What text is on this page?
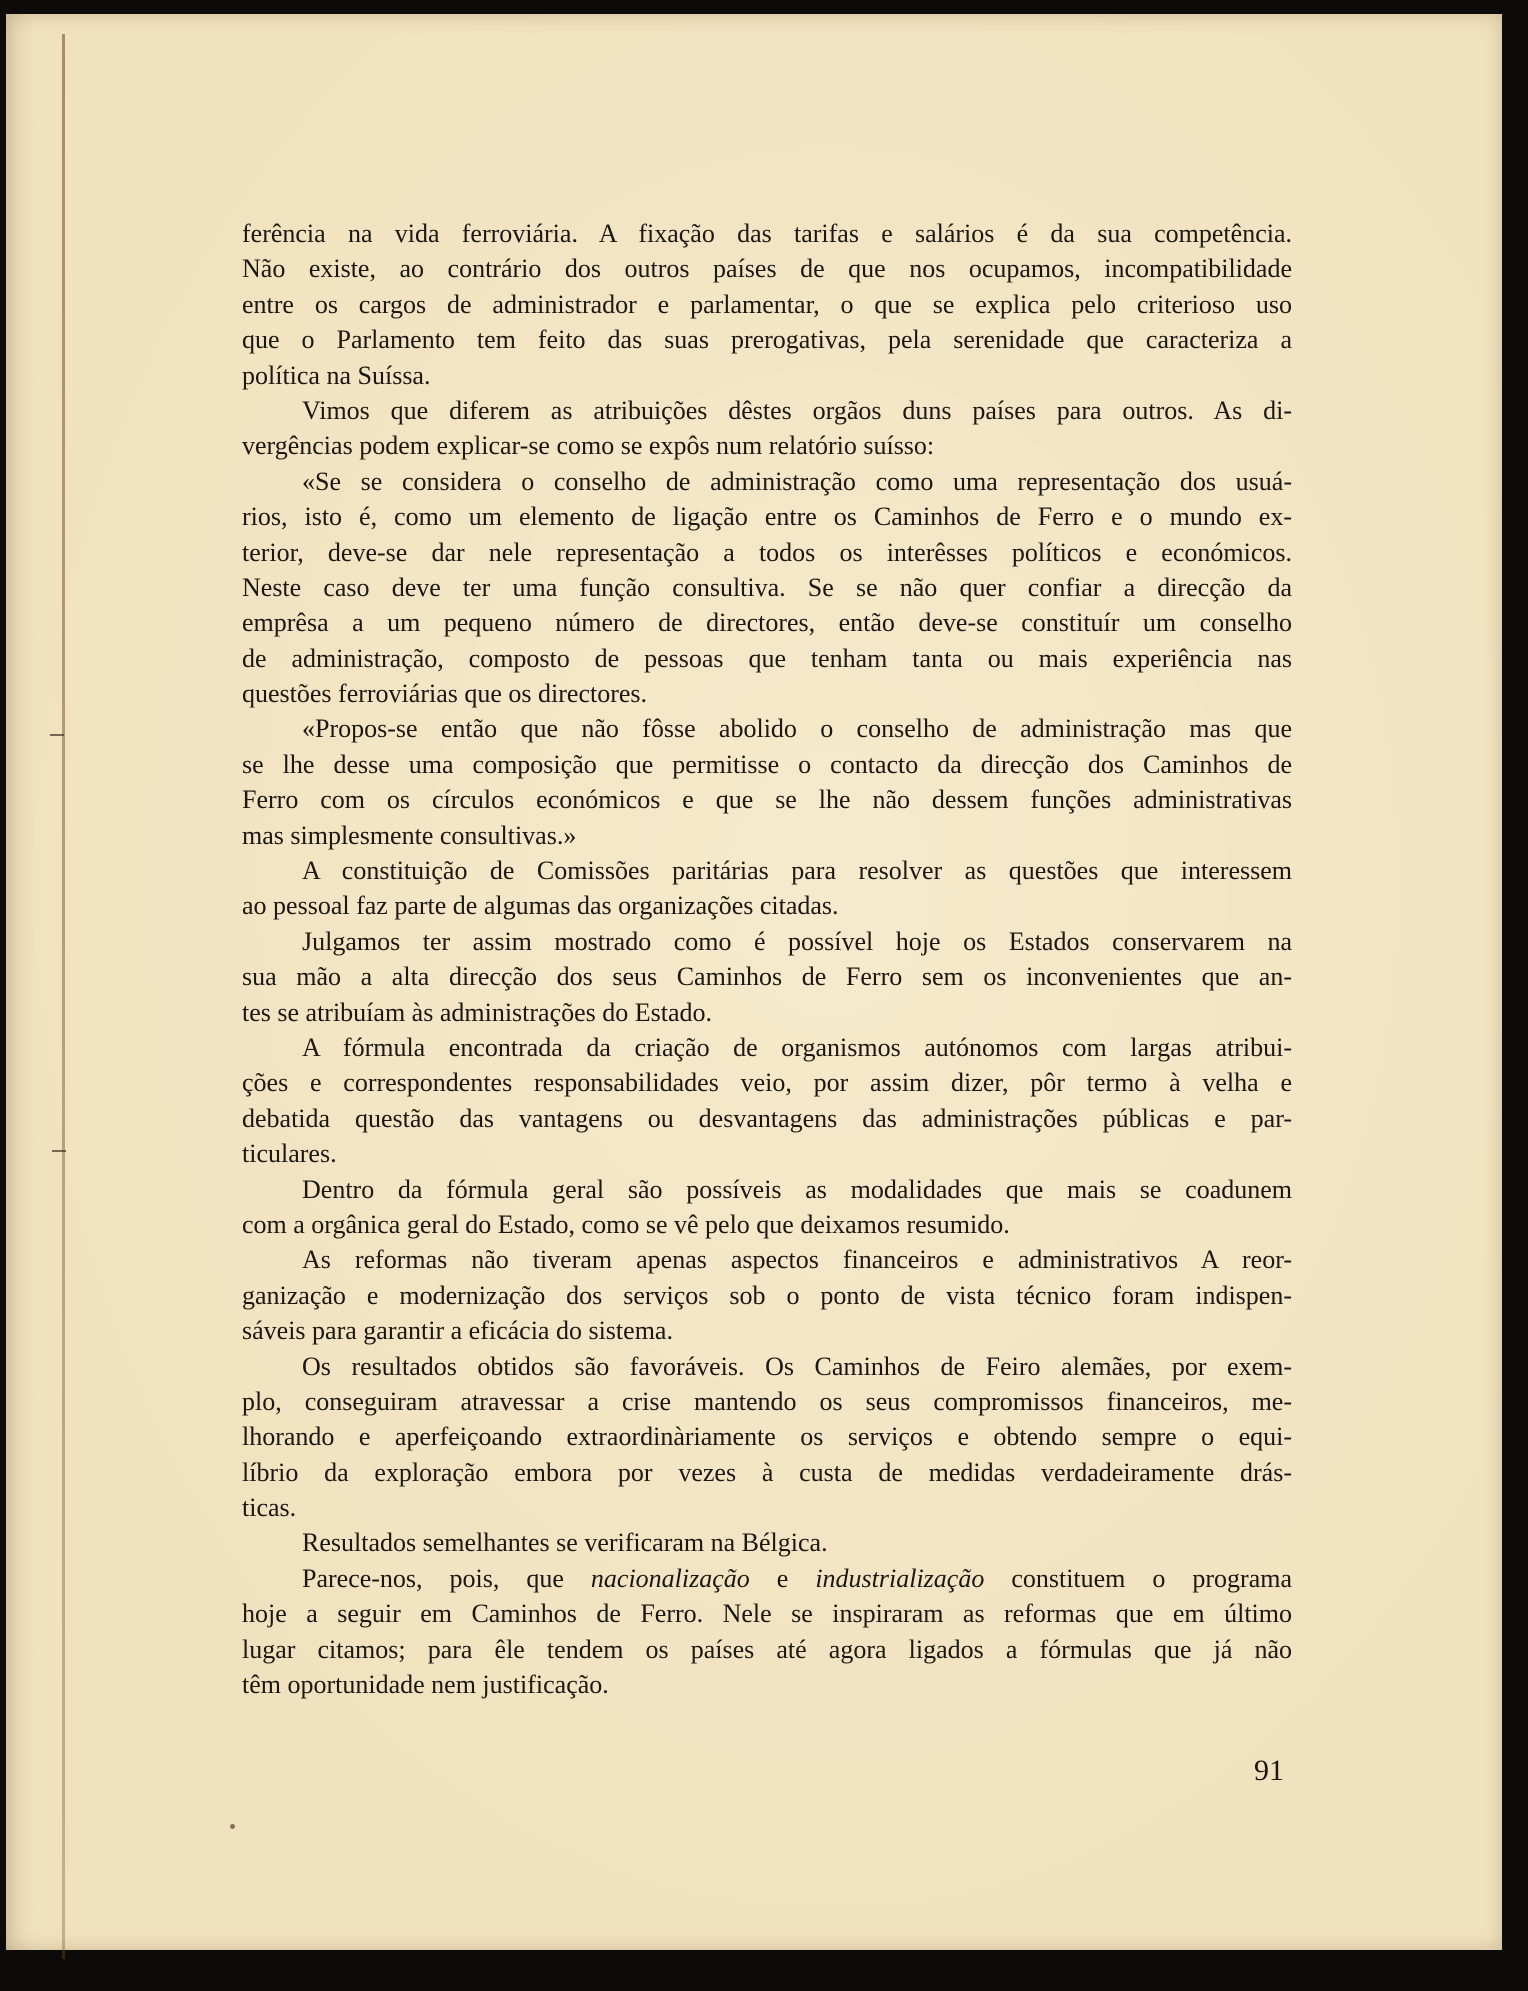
ferência na vida ferroviária. A fixação das tarifas e salários é da sua competência.
Não existe, ao contrário dos outros países de que nos ocupamos, incompatibilidade
entre os cargos de administrador e parlamentar, o que se explica pelo criterioso uso
que o Parlamento tem feito das suas prerogativas, pela serenidade que caracteriza a
política na Suíssa.
Vimos que diferem as atribuições dêstes orgãos duns países para outros. As di-
vergências podem explicar-se como se expôs num relatório suísso:
«Se se considera o conselho de administração como uma representação dos usuá-
rios, isto é, como um elemento de ligação entre os Caminhos de Ferro e o mundo ex-
terior, deve-se dar nele representação a todos os interêsses políticos e económicos.
Neste caso deve ter uma função consultiva. Se se não quer confiar a direcção da
emprêsa a um pequeno número de directores, então deve-se constituír um conselho
de administração, composto de pessoas que tenham tanta ou mais experiência nas
questões ferroviárias que os directores.
«Propos-se então que não fôsse abolido o conselho de administração mas que
se lhe desse uma composição que permitisse o contacto da direcção dos Caminhos de
Ferro com os círculos económicos e que se lhe não dessem funções administrativas
mas simplesmente consultivas.»
A constituição de Comissões paritárias para resolver as questões que interessem
ao pessoal faz parte de algumas das organizações citadas.
Julgamos ter assim mostrado como é possível hoje os Estados conservarem na
sua mão a alta direcção dos seus Caminhos de Ferro sem os inconvenientes que an-
tes se atribuíam às administrações do Estado.
A fórmula encontrada da criação de organismos autónomos com largas atribui-
ções e correspondentes responsabilidades veio, por assim dizer, pôr termo à velha e
debatida questão das vantagens ou desvantagens das administrações públicas e par-
ticulares.
Dentro da fórmula geral são possíveis as modalidades que mais se coadunem
com a orgânica geral do Estado, como se vê pelo que deixamos resumido.
As reformas não tiveram apenas aspectos financeiros e administrativos A reor-
ganização e modernização dos serviços sob o ponto de vista técnico foram indispen-
sáveis para garantir a eficácia do sistema.
Os resultados obtidos são favoráveis. Os Caminhos de Feiro alemães, por exem-
plo, conseguiram atravessar a crise mantendo os seus compromissos financeiros, me-
lhorando e aperfeiçoando extraordinàriamente os serviços e obtendo sempre o equi-
líbrio da exploração embora por vezes à custa de medidas verdadeiramente drás-
ticas.
Resultados semelhantes se verificaram na Bélgica.
Parece-nos, pois, que nacionalização e industrialização constituem o programa
hoje a seguir em Caminhos de Ferro. Nele se inspiraram as reformas que em último
lugar citamos; para êle tendem os países até agora ligados a fórmulas que já não
têm oportunidade nem justificação.
91
